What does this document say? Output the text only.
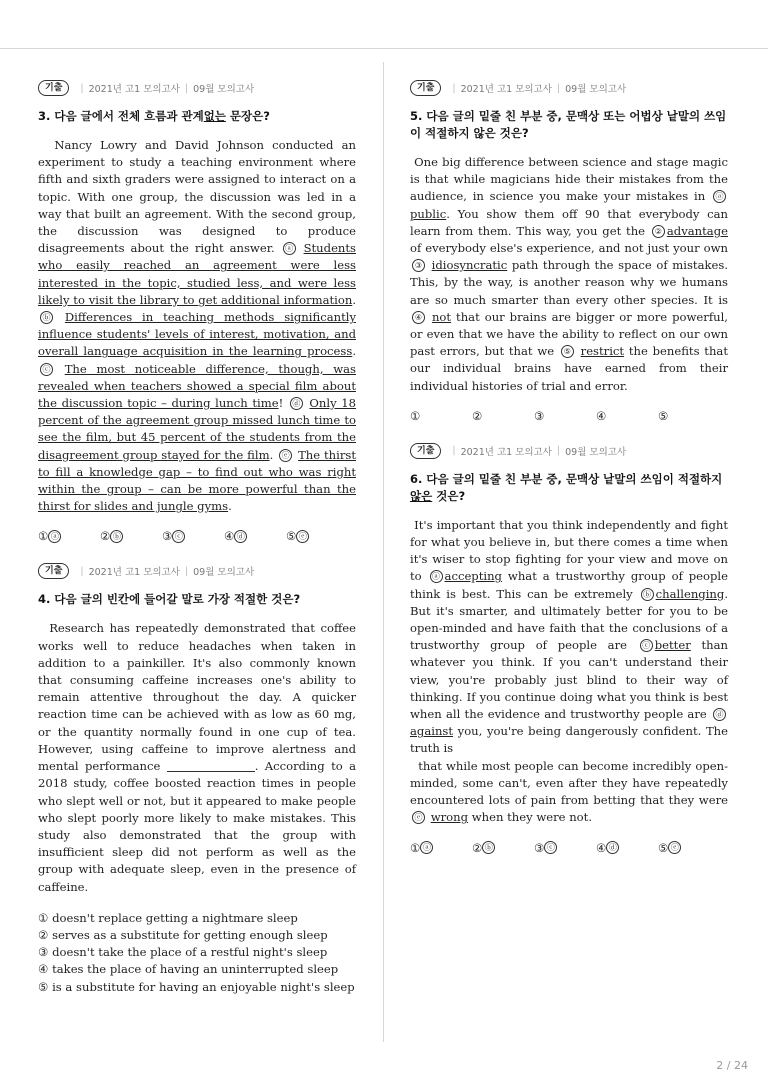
기출	| 2021년 고1 모의고사 | 09월 모의고사
3. 다음 글에서 전체 흐름과 관계없는 문장은?
Nancy Lowry and David Johnson conducted an experiment to study a teaching environment where fifth and sixth graders were assigned to interact on a topic. With one group, the discussion was led in a way that built an agreement. With the second group, the discussion was designed to produce disagreements about the right answer. ⓐ Students who easily reached an agreement were less interested in the topic, studied less, and were less likely to visit the library to get additional information. ⓑ Differences in teaching methods significantly influence students' levels of interest, motivation, and overall language acquisition in the learning process. ⓒ The most noticeable difference, though, was revealed when teachers showed a special film about the discussion topic – during lunch time! ⓓ Only 18 percent of the agreement group missed lunch time to see the film, but 45 percent of the students from the disagreement group stayed for the film. ⓔ The thirst to fill a knowledge gap – to find out who was right within the group – can be more powerful than the thirst for slides and jungle gyms.
① ⓐ	② ⓑ	③ ⓒ	④ ⓓ	⑤ ⓔ
기출	| 2021년 고1 모의고사 | 09월 모의고사
4. 다음 글의 빈칸에 들어갈 말로 가장 적절한 것은?
Research has repeatedly demonstrated that coffee works well to reduce headaches when taken in addition to a painkiller. It's also commonly known that consuming caffeine increases one's ability to remain attentive throughout the day. A quicker reaction time can be achieved with as low as 60 mg, or the quantity normally found in one cup of tea. However, using caffeine to improve alertness and mental performance	. According to a 2018 study, coffee boosted reaction times in people who slept well or not, but it appeared to make people who slept poorly more likely to make mistakes. This study also demonstrated that the group with insufficient sleep did not perform as well as the group with adequate sleep, even in the presence of caffeine.
①
doesn't replace getting a nightmare sleep
②
serves as a substitute for getting enough sleep
③
doesn't take the place of a restful night's sleep
④
takes the place of having an uninterrupted sleep
⑤
is a substitute for having an enjoyable night's sleep
기출	| 2021년 고1 모의고사 | 09월 모의고사
5. 다음 글의 밑줄 친 부분 중, 문맥상 또는 어법상 낱말의 쓰임이 적절하지 않은 것은?
One big difference between science and stage magic is that while magicians hide their mistakes from the audience, in science you make your mistakes in ⓐ public. You show them off 90 that everybody can learn from them. This way, you get the ② advantage of everybody else's experience, and not just your own ③ idiosyncratic path through the space of mistakes. This, by the way, is another reason why we humans are so much smarter than every other species. It is ④ not that our brains are bigger or more powerful, or even that we have the ability to reflect on our own past errors, but that we ⑤ restrict the benefits that our individual brains have earned from their individual histories of trial and error.
①	②	③	④	⑤
기출	| 2021년 고1 모의고사 | 09월 모의고사
6. 다음 글의 밑줄 친 부분 중, 문맥상 낱말의 쓰임이 적절하지 않은 것은?
It's important that you think independently and fight for what you believe in, but there comes a time when it's wiser to stop fighting for your view and move on to ⓐ accepting what a trustworthy group of people think is best. This can be extremely ⓑ challenging. But it's smarter, and ultimately better for you to be open-minded and have faith that the conclusions of a trustworthy group of people are ⓒ better than whatever you think. If you can't understand their view, you're probably just blind to their way of thinking. If you continue doing what you think is best when all the evidence and trustworthy people are ⓓ against you, you're being dangerously confident. The truth is
that while most people can become incredibly open-minded, some can't, even after they have repeatedly encountered lots of pain from betting that they were ⓔ wrong when they were not.
① ⓐ	② ⓑ	③ ⓒ	④ ⓓ	⑤ ⓔ
2 / 24
